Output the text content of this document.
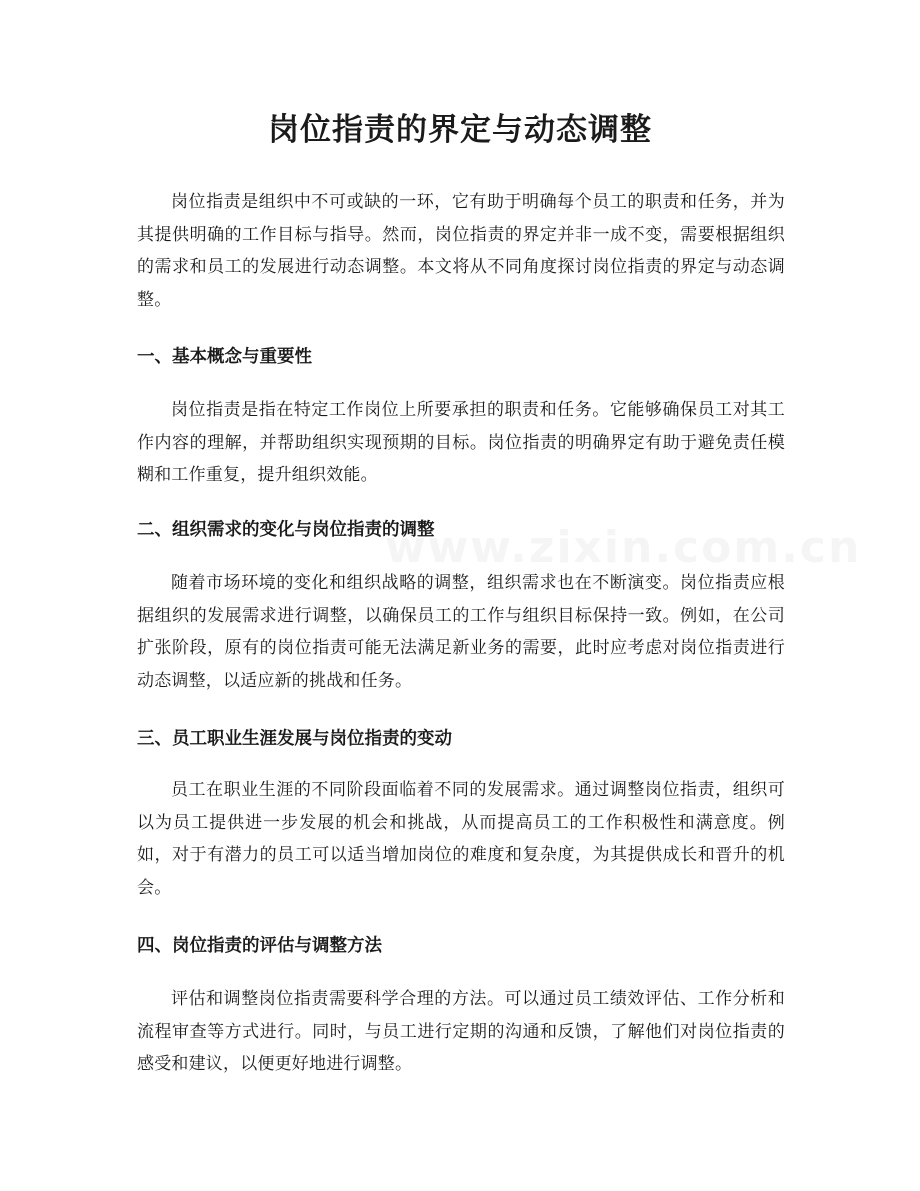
岗位指责的界定与动态调整

岗位指责是组织中不可或缺的一环，它有助于明确每个员工的职责和任务，并为其提供明确的工作目标与指导。然而，岗位指责的界定并非一成不变，需要根据组织的需求和员工的发展进行动态调整。本文将从不同角度探讨岗位指责的界定与动态调整。

一、基本概念与重要性

岗位指责是指在特定工作岗位上所要承担的职责和任务。它能够确保员工对其工作内容的理解，并帮助组织实现预期的目标。岗位指责的明确界定有助于避免责任模糊和工作重复，提升组织效能。

二、组织需求的变化与岗位指责的调整

随着市场环境的变化和组织战略的调整，组织需求也在不断演变。岗位指责应根据组织的发展需求进行调整，以确保员工的工作与组织目标保持一致。例如，在公司扩张阶段，原有的岗位指责可能无法满足新业务的需要，此时应考虑对岗位指责进行动态调整，以适应新的挑战和任务。

三、员工职业生涯发展与岗位指责的变动

员工在职业生涯的不同阶段面临着不同的发展需求。通过调整岗位指责，组织可以为员工提供进一步发展的机会和挑战，从而提高员工的工作积极性和满意度。例如，对于有潜力的员工可以适当增加岗位的难度和复杂度，为其提供成长和晋升的机会。

四、岗位指责的评估与调整方法

评估和调整岗位指责需要科学合理的方法。可以通过员工绩效评估、工作分析和流程审查等方式进行。同时，与员工进行定期的沟通和反馈，了解他们对岗位指责的感受和建议，以便更好地进行调整。

www.zixin.com.cn
